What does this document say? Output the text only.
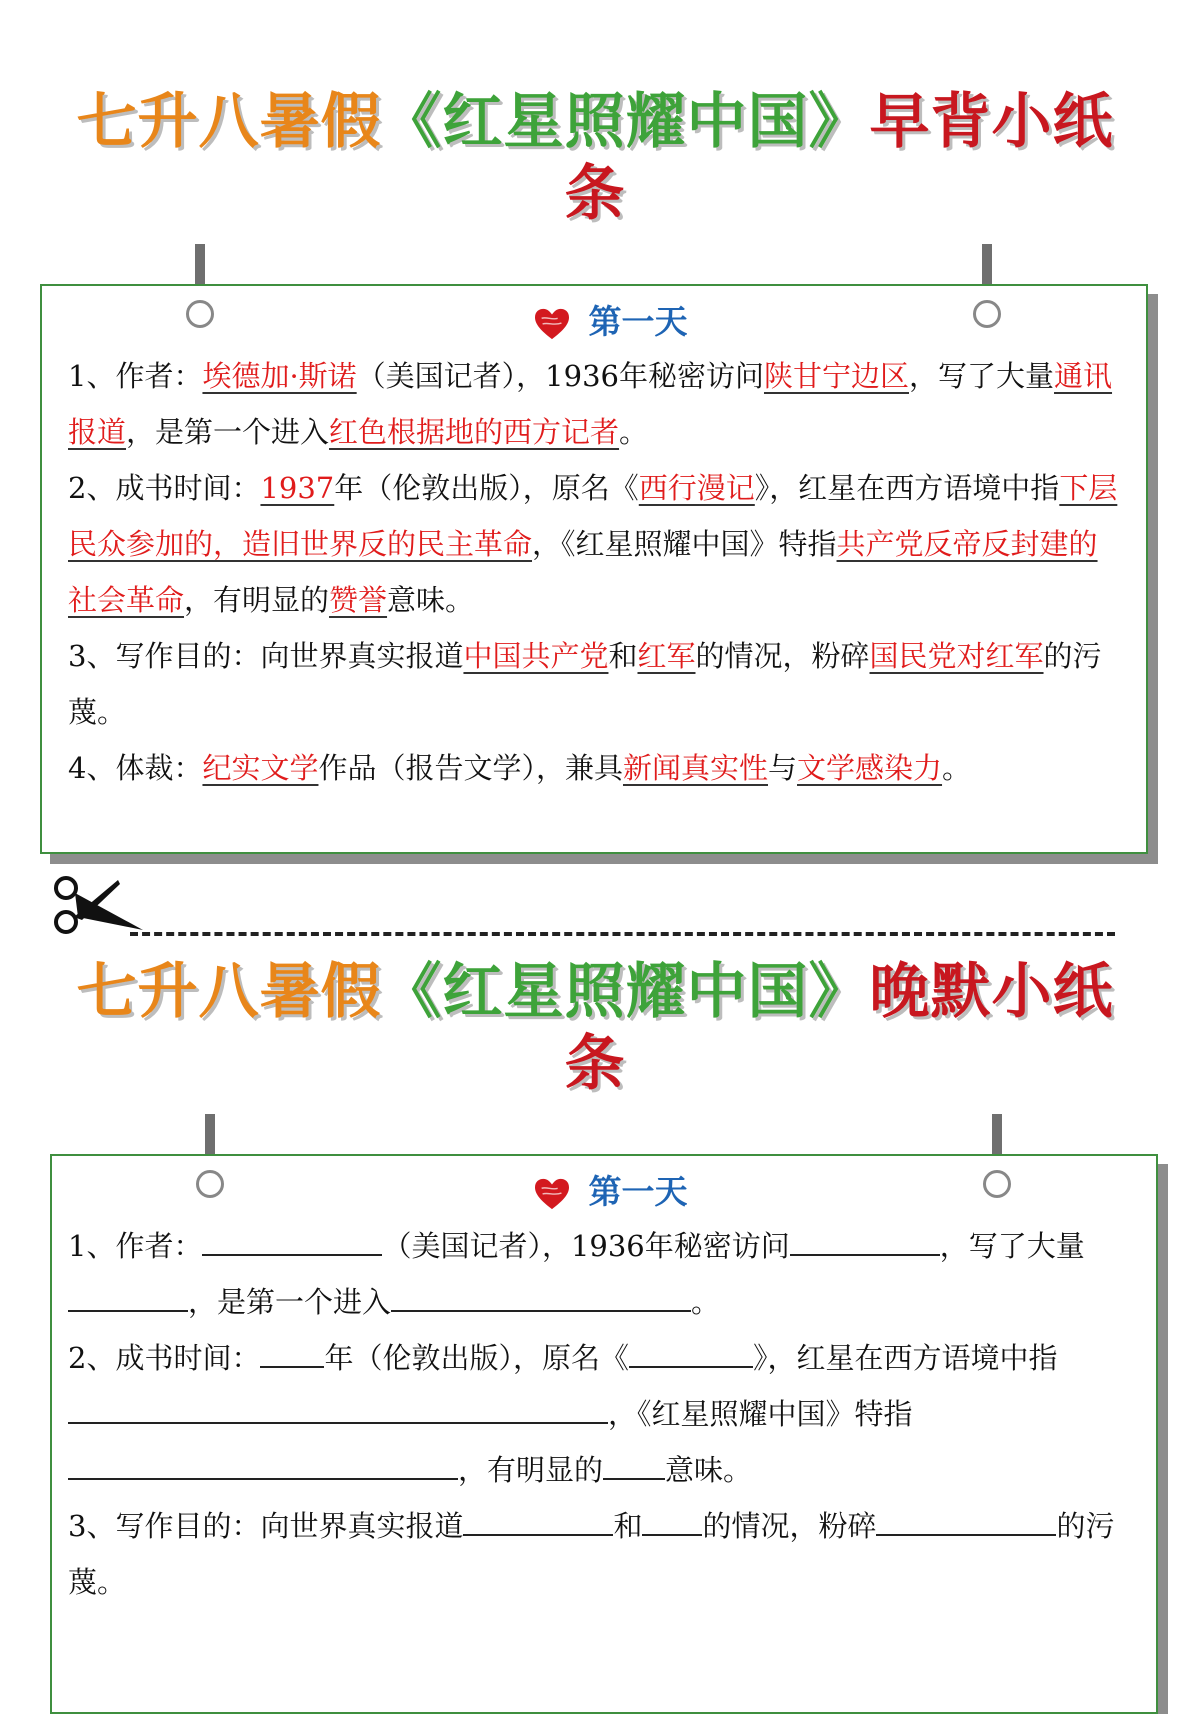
七升八暑假《红星照耀中国》早背小纸条
第一天

1、作者：埃德加·斯诺（美国记者），1936年秘密访问陕甘宁边区，写了大量通讯报道，是第一个进入红色根据地的西方记者。

2、成书时间：1937年（伦敦出版），原名《西行漫记》，红星在西方语境中指下层民众参加的，造旧世界反的民主革命，《红星照耀中国》特指共产党反帝反封建的社会革命，有明显的赞誉意味。

3、写作目的：向世界真实报道中国共产党和红军的情况，粉碎国民党对红军的污蔑。

4、体裁：纪实文学作品（报告文学），兼具新闻真实性与文学感染力。

七升八暑假《红星照耀中国》晚默小纸条
第一天

1、作者：	（美国记者），1936年秘密访问	，写了大量，是第一个进入	。

2、成书时间： 年（伦敦出版），原名《	》，红星在西方语境中指，《红星照耀中国》特指，有明显的 意味。

3、写作目的：向世界真实报道	和 的情况，粉碎	的污蔑。
